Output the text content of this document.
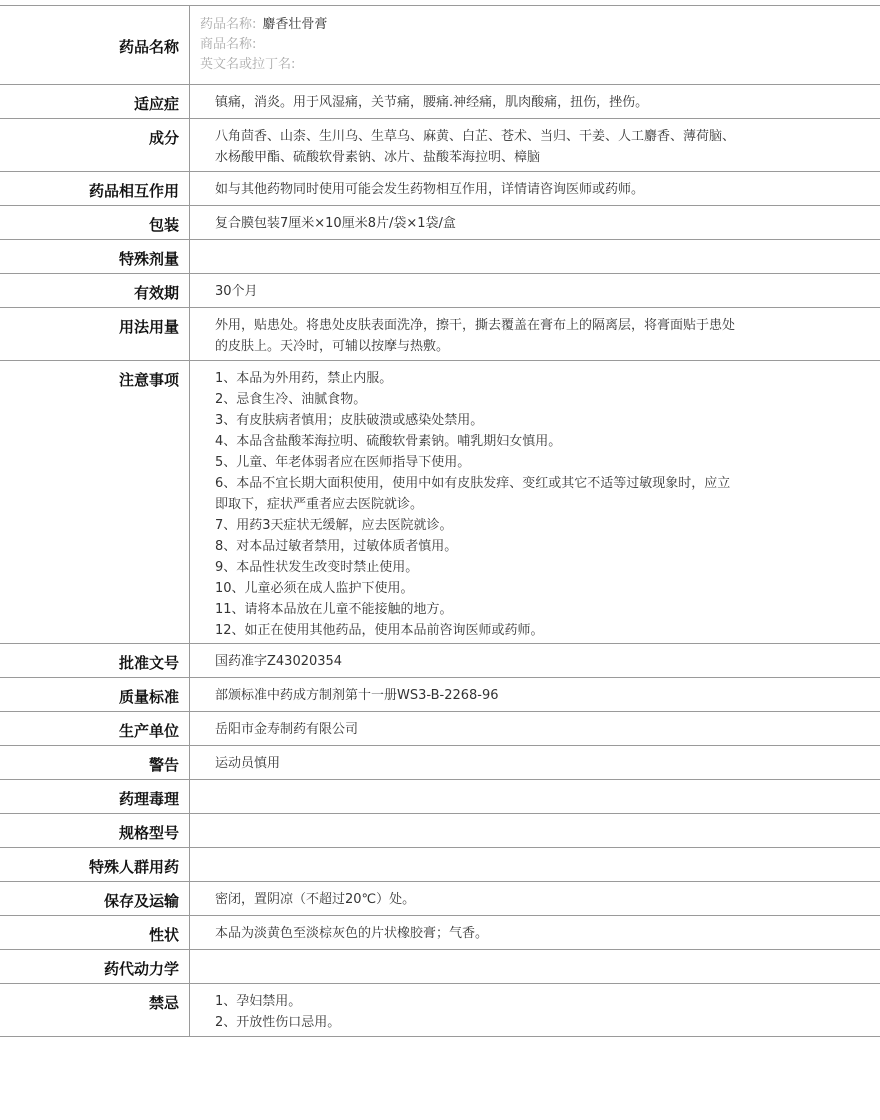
药品名称
药品名称: 麝香壮骨膏
商品名称:
英文名或拉丁名:
适应症	镇痛，消炎。用于风湿痛，关节痛，腰痛.神经痛，肌肉酸痛，扭伤，挫伤。
成分	八角茴香、山柰、生川乌、生草乌、麻黄、白芷、苍术、当归、干姜、人工麝香、薄荷脑、
水杨酸甲酯、硫酸软骨素钠、冰片、盐酸苯海拉明、樟脑
药品相互作用	如与其他药物同时使用可能会发生药物相互作用，详情请咨询医师或药师。
包装	复合膜包装7厘米×10厘米8片/袋×1袋/盒
特殊剂量
有效期	30个月
用法用量	外用，贴患处。将患处皮肤表面洗净，擦干，撕去覆盖在膏布上的隔离层，将膏面贴于患处
的皮肤上。天冷时，可辅以按摩与热敷。
注意事项	1、本品为外用药，禁止内服。
2、忌食生冷、油腻食物。
3、有皮肤病者慎用；皮肤破溃或感染处禁用。
4、本品含盐酸苯海拉明、硫酸软骨素钠。哺乳期妇女慎用。
5、儿童、年老体弱者应在医师指导下使用。
6、本品不宜长期大面积使用，使用中如有皮肤发痒、变红或其它不适等过敏现象时，应立
即取下，症状严重者应去医院就诊。
7、用药3天症状无缓解，应去医院就诊。
8、对本品过敏者禁用，过敏体质者慎用。
9、本品性状发生改变时禁止使用。
10、儿童必须在成人监护下使用。
11、请将本品放在儿童不能接触的地方。
12、如正在使用其他药品，使用本品前咨询医师或药师。
批准文号	国药准字Z43020354
质量标准	部颁标准中药成方制剂第十一册WS3-B-2268-96
生产单位	岳阳市金寿制药有限公司
警告	运动员慎用
药理毒理
规格型号
特殊人群用药
保存及运输	密闭，置阴凉（不超过20℃）处。
性状	本品为淡黄色至淡棕灰色的片状橡胶膏；气香。
药代动力学
禁忌	1、孕妇禁用。
2、开放性伤口忌用。
